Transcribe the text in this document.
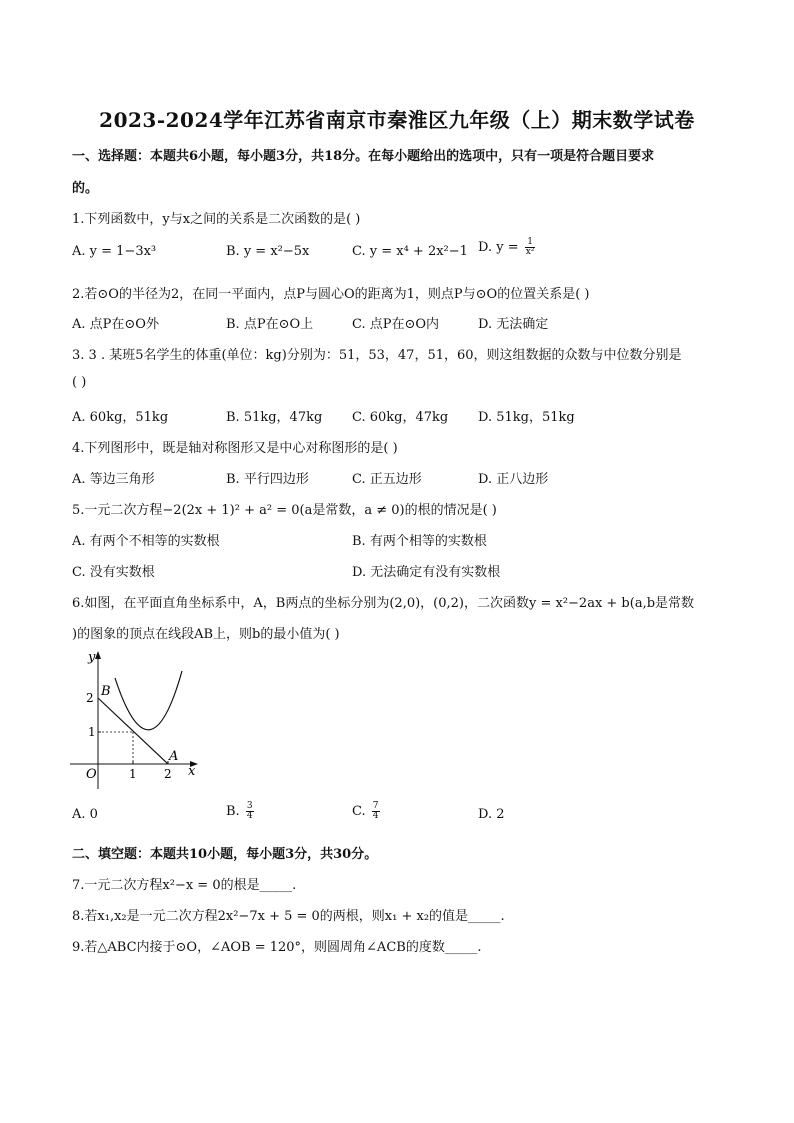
2023-2024学年江苏省南京市秦淮区九年级（上）期末数学试卷
一、选择题：本题共6小题，每小题3分，共18分。在每小题给出的选项中，只有一项是符合题目要求
的。
1.下列函数中，y与x之间的关系是二次函数的是( )
A. y = 1−3x³	B. y = x²−5x	C. y = x⁴ + 2x²−1 D. $y = \frac{1}{\text{x²}}$
2.若⊙O的半径为2，在同一平面内，点P与圆心O的距离为1，则点P与⊙O的位置关系是( )
A. 点P在⊙O外	B. 点P在⊙O上	C. 点P在⊙O内	D. 无法确定
3. 3 . 某班5名学生的体重(单位：kg)分别为：51，53，47，51，60，则这组数据的众数与中位数分别是
( )
A. 60kg，51kg	B. 51kg，47kg C. 60kg，47kg D. 51kg，51kg
4.下列图形中，既是轴对称图形又是中心对称图形的是( )
A. 等边三角形	B. 平行四边形	C. 正五边形	D. 正八边形
5.一元二次方程−2(2x + 1)² + a² = 0(a是常数，a ≠ 0)的根的情况是( )
A. 有两个不相等的实数根	B. 有两个相等的实数根
C. 没有实数根	D. 无法确定有没有实数根
6.如图，在平面直角坐标系中，A，B两点的坐标分别为(2,0)，(0,2)，二次函数y = x²−2ax + b(a,b是常数
)的图象的顶点在线段AB上，则b的最小值为( )
y
x
O	1 2
1
2 B
A
A. 0	B. $\frac{3}{4}$	C. $\frac{7}{4}$	D. 2
二、填空题：本题共10小题，每小题3分，共30分。
7.一元二次方程x²−x = 0的根是_____.
8.若x₁,x₂是一元二次方程2x²−7x + 5 = 0的两根，则x₁ + x₂的值是_____.
9.若△ABC内接于⊙O，∠AOB = 120°，则圆周角∠ACB的度数_____.
